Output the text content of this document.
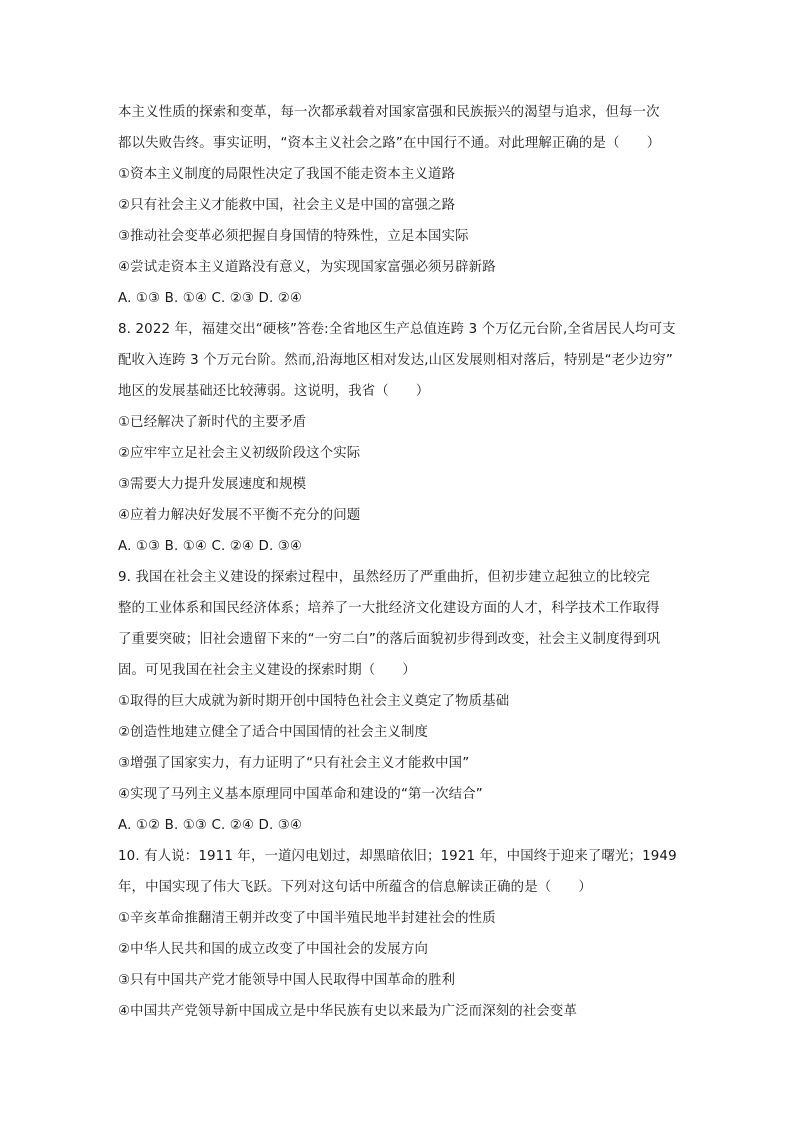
本主义性质的探索和变革，每一次都承载着对国家富强和民族振兴的渴望与追求，但每一次
都以失败告终。事实证明，“资本主义社会之路”在中国行不通。对此理解正确的是（　　）
①资本主义制度的局限性决定了我国不能走资本主义道路
②只有社会主义才能救中国，社会主义是中国的富强之路
③推动社会变革必须把握自身国情的特殊性，立足本国实际
④尝试走资本主义道路没有意义，为实现国家富强必须另辟新路
A. ①③ B. ①④ C. ②③ D. ②④
8. 2022 年，福建交出“硬核”答卷:全省地区生产总值连跨 3 个万亿元台阶,全省居民人均可支
配收入连跨 3 个万元台阶。然而,沿海地区相对发达,山区发展则相对落后，特别是“老少边穷”
地区的发展基础还比较薄弱。这说明，我省（　　）
①已经解决了新时代的主要矛盾
②应牢牢立足社会主义初级阶段这个实际
③需要大力提升发展速度和规模
④应着力解决好发展不平衡不充分的问题
A. ①③ B. ①④ C. ②④ D. ③④
9. 我国在社会主义建设的探索过程中，虽然经历了严重曲折，但初步建立起独立的比较完
整的工业体系和国民经济体系；培养了一大批经济文化建设方面的人才，科学技术工作取得
了重要突破；旧社会遗留下来的“一穷二白”的落后面貌初步得到改变，社会主义制度得到巩
固。可见我国在社会主义建设的探索时期（　　）
①取得的巨大成就为新时期开创中国特色社会主义奠定了物质基础
②创造性地建立健全了适合中国国情的社会主义制度
③增强了国家实力，有力证明了“只有社会主义才能救中国”
④实现了马列主义基本原理同中国革命和建设的“第一次结合”
A. ①② B. ①③ C. ②④ D. ③④
10. 有人说：1911 年，一道闪电划过，却黑暗依旧；1921 年，中国终于迎来了曙光；1949
年，中国实现了伟大飞跃。下列对这句话中所蕴含的信息解读正确的是（　　）
①辛亥革命推翻清王朝并改变了中国半殖民地半封建社会的性质
②中华人民共和国的成立改变了中国社会的发展方向
③只有中国共产党才能领导中国人民取得中国革命的胜利
④中国共产党领导新中国成立是中华民族有史以来最为广泛而深刻的社会变革
